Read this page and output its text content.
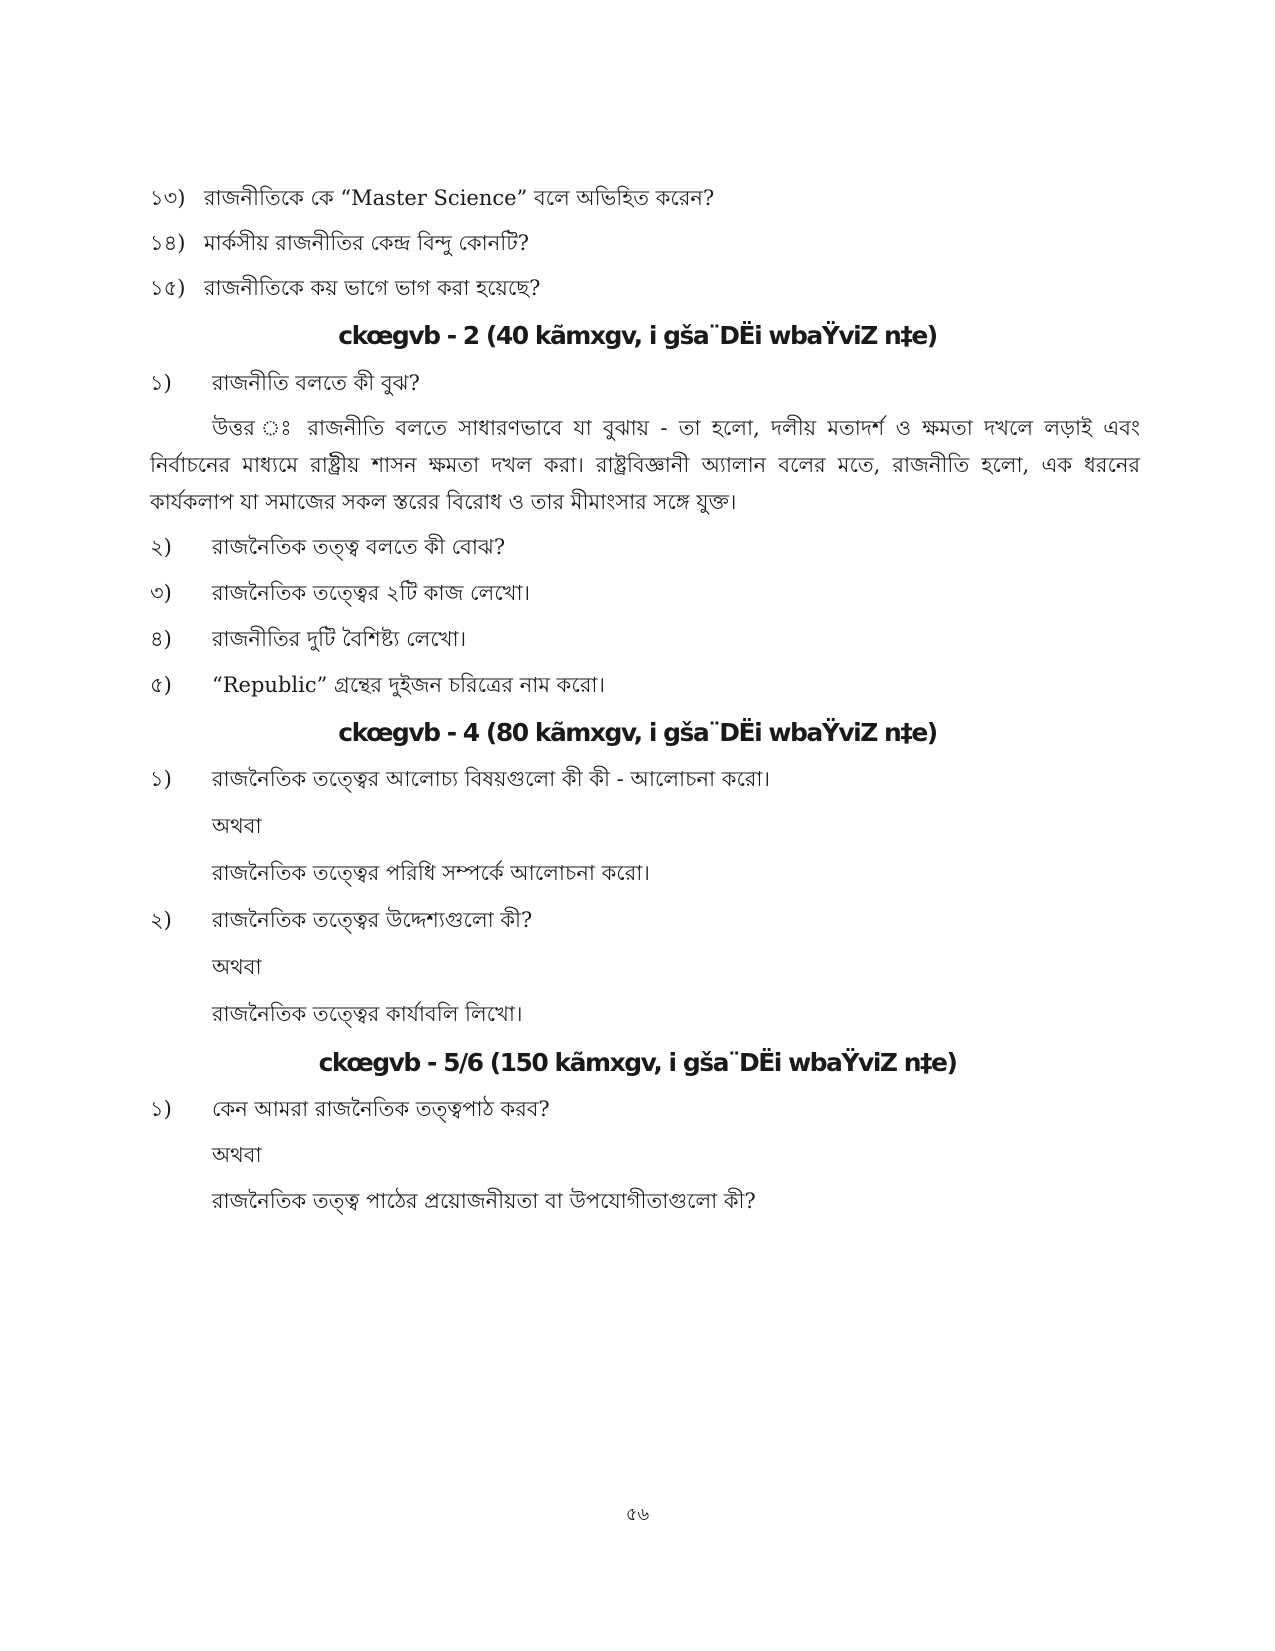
১৩) রাজনীতিকে কে “Master Science” বলে অভিহিত করেন?
১৪) মার্কসীয় রাজনীতির কেন্দ্র বিন্দু কোনটি?
১৫) রাজনীতিকে কয় ভাগে ভাগ করা হয়েছে?
ckœgvb - 2 (40 kãmxgv, i gša¨DËi wbaŸviZ n‡e)
১) রাজনীতি বলতে কী বুঝ?
উত্তর ঃ রাজনীতি বলতে সাধারণভাবে যা বুঝায় - তা হলো, দলীয় মতাদর্শ ও ক্ষমতা দখলে লড়াই এবং নির্বাচনের মাধ্যমে রাষ্ট্রীয় শাসন ক্ষমতা দখল করা। রাষ্ট্রবিজ্ঞানী অ্যালান বলের মতে, রাজনীতি হলো, এক ধরনের কার্যকলাপ যা সমাজের সকল স্তরের বিরোধ ও তার মীমাংসার সঙ্গে যুক্ত।
২) রাজনৈতিক তত্ত্ব বলতে কী বোঝ?
৩) রাজনৈতিক তত্ত্বের ২টি কাজ লেখো।
৪) রাজনীতির দুটি বৈশিষ্ট্য লেখো।
৫) “Republic” গ্রন্থের দুইজন চরিত্রের নাম করো।
ckœgvb - 4 (80 kãmxgv, i gša¨DËi wbaŸviZ n‡e)
১) রাজনৈতিক তত্ত্বের আলোচ্য বিষয়গুলো কী কী - আলোচনা করো।
অথবা
রাজনৈতিক তত্ত্বের পরিধি সম্পর্কে আলোচনা করো।
২) রাজনৈতিক তত্ত্বের উদ্দেশ্যগুলো কী?
অথবা
রাজনৈতিক তত্ত্বের কার্যাবলি লিখো।
ckœgvb - 5/6 (150 kãmxgv, i gša¨DËi wbaŸviZ n‡e)
১) কেন আমরা রাজনৈতিক তত্ত্বপাঠ করব?
অথবা
রাজনৈতিক তত্ত্ব পাঠের প্রয়োজনীয়তা বা উপযোগীতাগুলো কী?
৫৬
